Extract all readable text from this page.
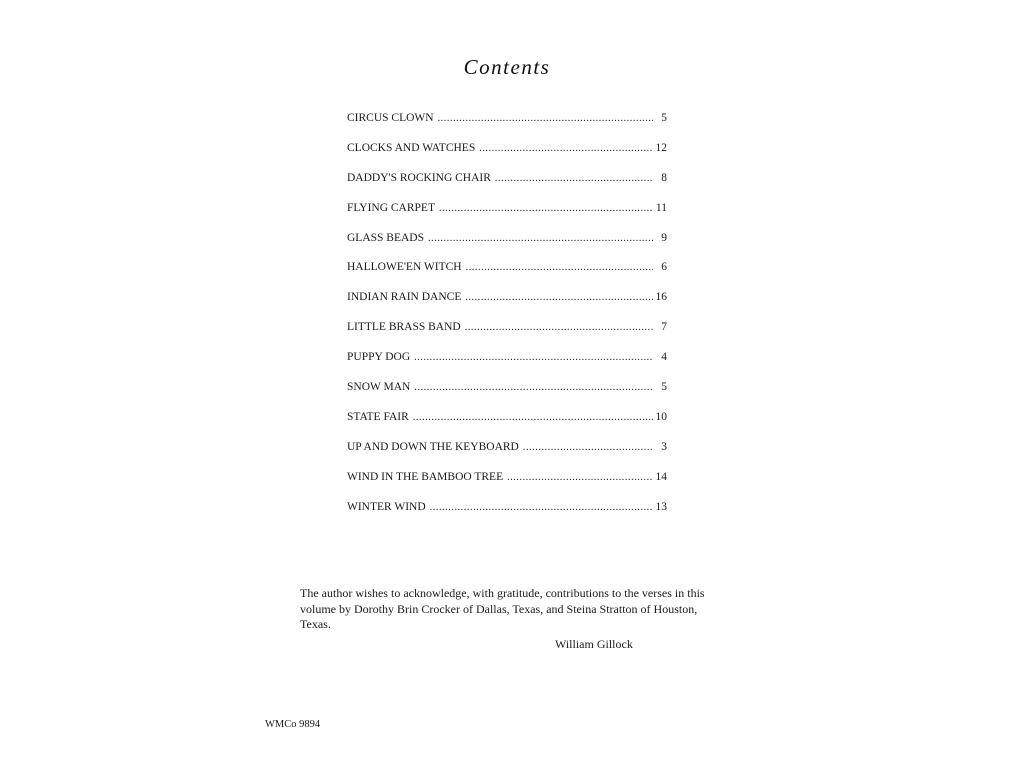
Contents
CIRCUS CLOWN .....	5
CLOCKS AND WATCHES .....	12
DADDY'S ROCKING CHAIR .....	8
FLYING CARPET .....	11
GLASS BEADS .....	9
HALLOWE'EN WITCH .....	6
INDIAN RAIN DANCE .....	16
LITTLE BRASS BAND .....	7
PUPPY DOG .....	4
SNOW MAN .....	5
STATE FAIR .....	10
UP AND DOWN THE KEYBOARD .....	3
WIND IN THE BAMBOO TREE .....	14
WINTER WIND .....	13

The author wishes to acknowledge, with gratitude, contributions to the verses in this volume by Dorothy Brin Crocker of Dallas, Texas, and Steina Stratton of Houston, Texas.

William Gillock
WMCo 9894
